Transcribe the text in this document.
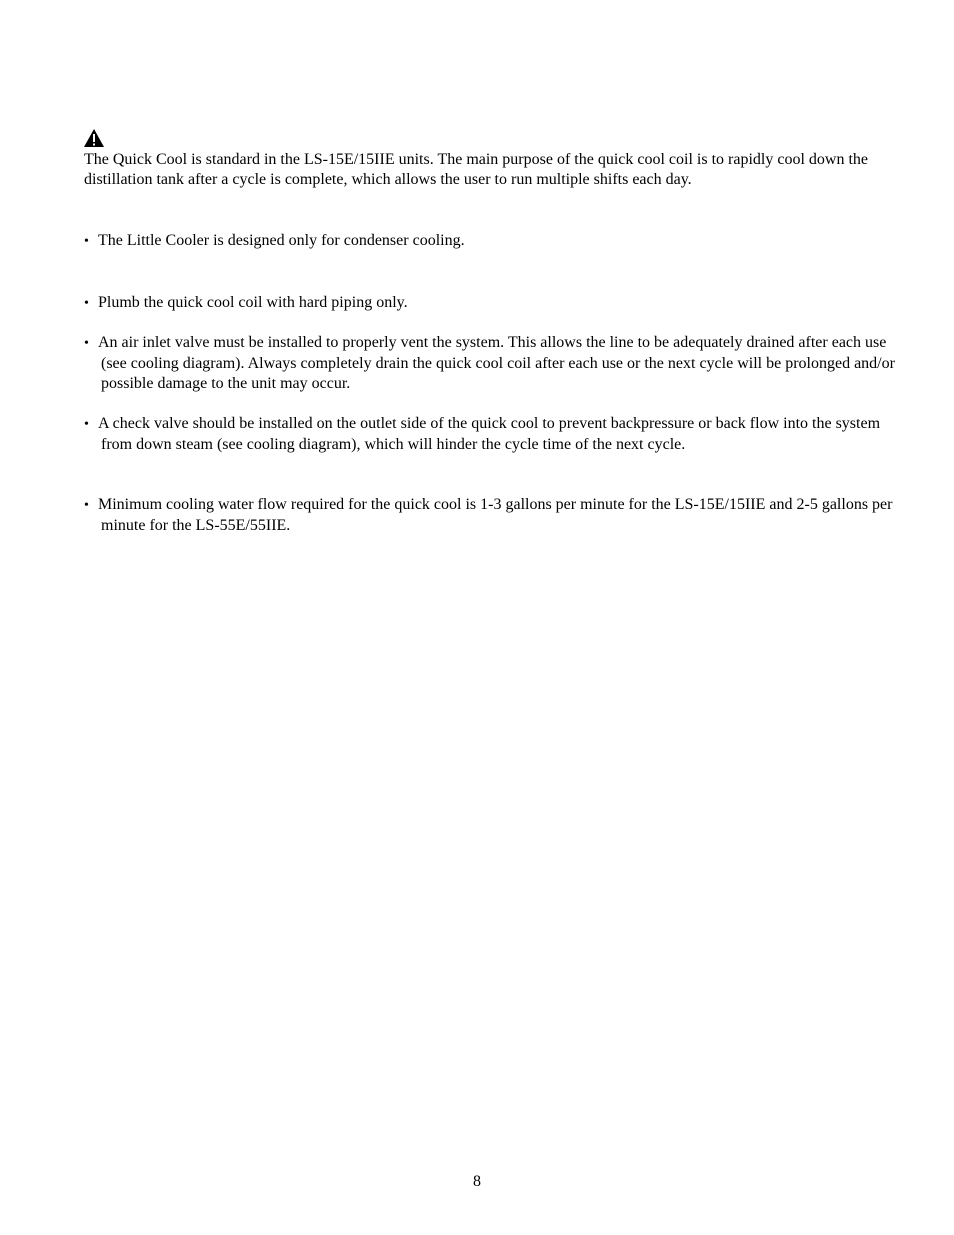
The Quick Cool is standard in the LS-15E/15IIE units. The main purpose of the quick cool coil is to rapidly cool down the distillation tank after a cycle is complete, which allows the user to run multiple shifts each day.

• The Little Cooler is designed only for condenser cooling.

• Plumb the quick cool coil with hard piping only.

• An air inlet valve must be installed to properly vent the system. This allows the line to be adequately drained after each use (see cooling diagram). Always completely drain the quick cool coil after each use or the next cycle will be prolonged and/or possible damage to the unit may occur.

• A check valve should be installed on the outlet side of the quick cool to prevent backpressure or back flow into the system from down steam (see cooling diagram), which will hinder the cycle time of the next cycle.

• Minimum cooling water flow required for the quick cool is 1-3 gallons per minute for the LS-15E/15IIE and 2-5 gallons per minute for the LS-55E/55IIE.

8
